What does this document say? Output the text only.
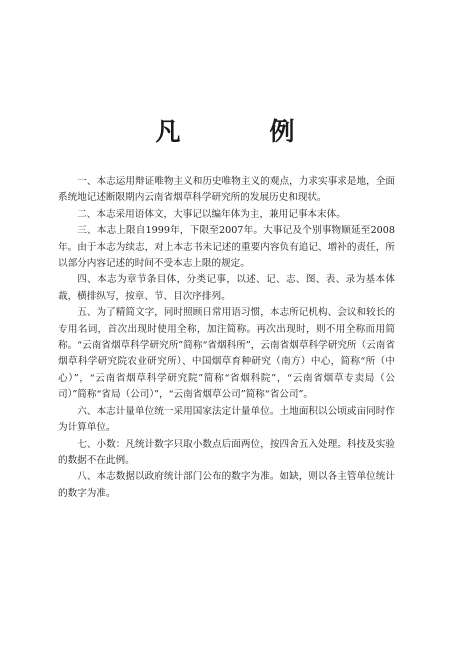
凡　例

一、本志运用辩证唯物主义和历史唯物主义的观点，力求实事求是地，全面系统地记述断限期内云南省烟草科学研究所的发展历史和现状。

二、本志采用语体文，大事记以编年体为主，兼用记事本末体。

三、本志上限自1999年，下限至2007年。大事记及个别事物顺延至2008年。由于本志为续志，对上本志书未记述的重要内容负有追记、增补的责任，所以部分内容记述的时间不受本志上限的规定。

四、本志为章节条目体，分类记事，以述、记、志、图、表、录为基本体裁，横排纵写，按章、节、目次序排列。

五、为了精简文字，同时照顾日常用语习惯，本志所记机构、会议和较长的专用名词，首次出现时使用全称，加注简称。再次出现时，则不用全称而用简称。“云南省烟草科学研究所”简称“省烟科所”，云南省烟草科学研究所（云南省烟草科学研究院农业研究所）、中国烟草育种研究（南方）中心，简称“所（中心）”，“云南省烟草科学研究院”简称“省烟科院”，“云南省烟草专卖局（公司）”简称“省局（公司）”，“云南省烟草公司”简称“省公司”。

六、本志计量单位统一采用国家法定计量单位。土地面积以公顷或亩同时作为计算单位。

七、小数：凡统计数字只取小数点后面两位，按四舍五入处理。科技及实验的数据不在此例。

八、本志数据以政府统计部门公布的数字为准。如缺，则以各主管单位统计的数字为准。
